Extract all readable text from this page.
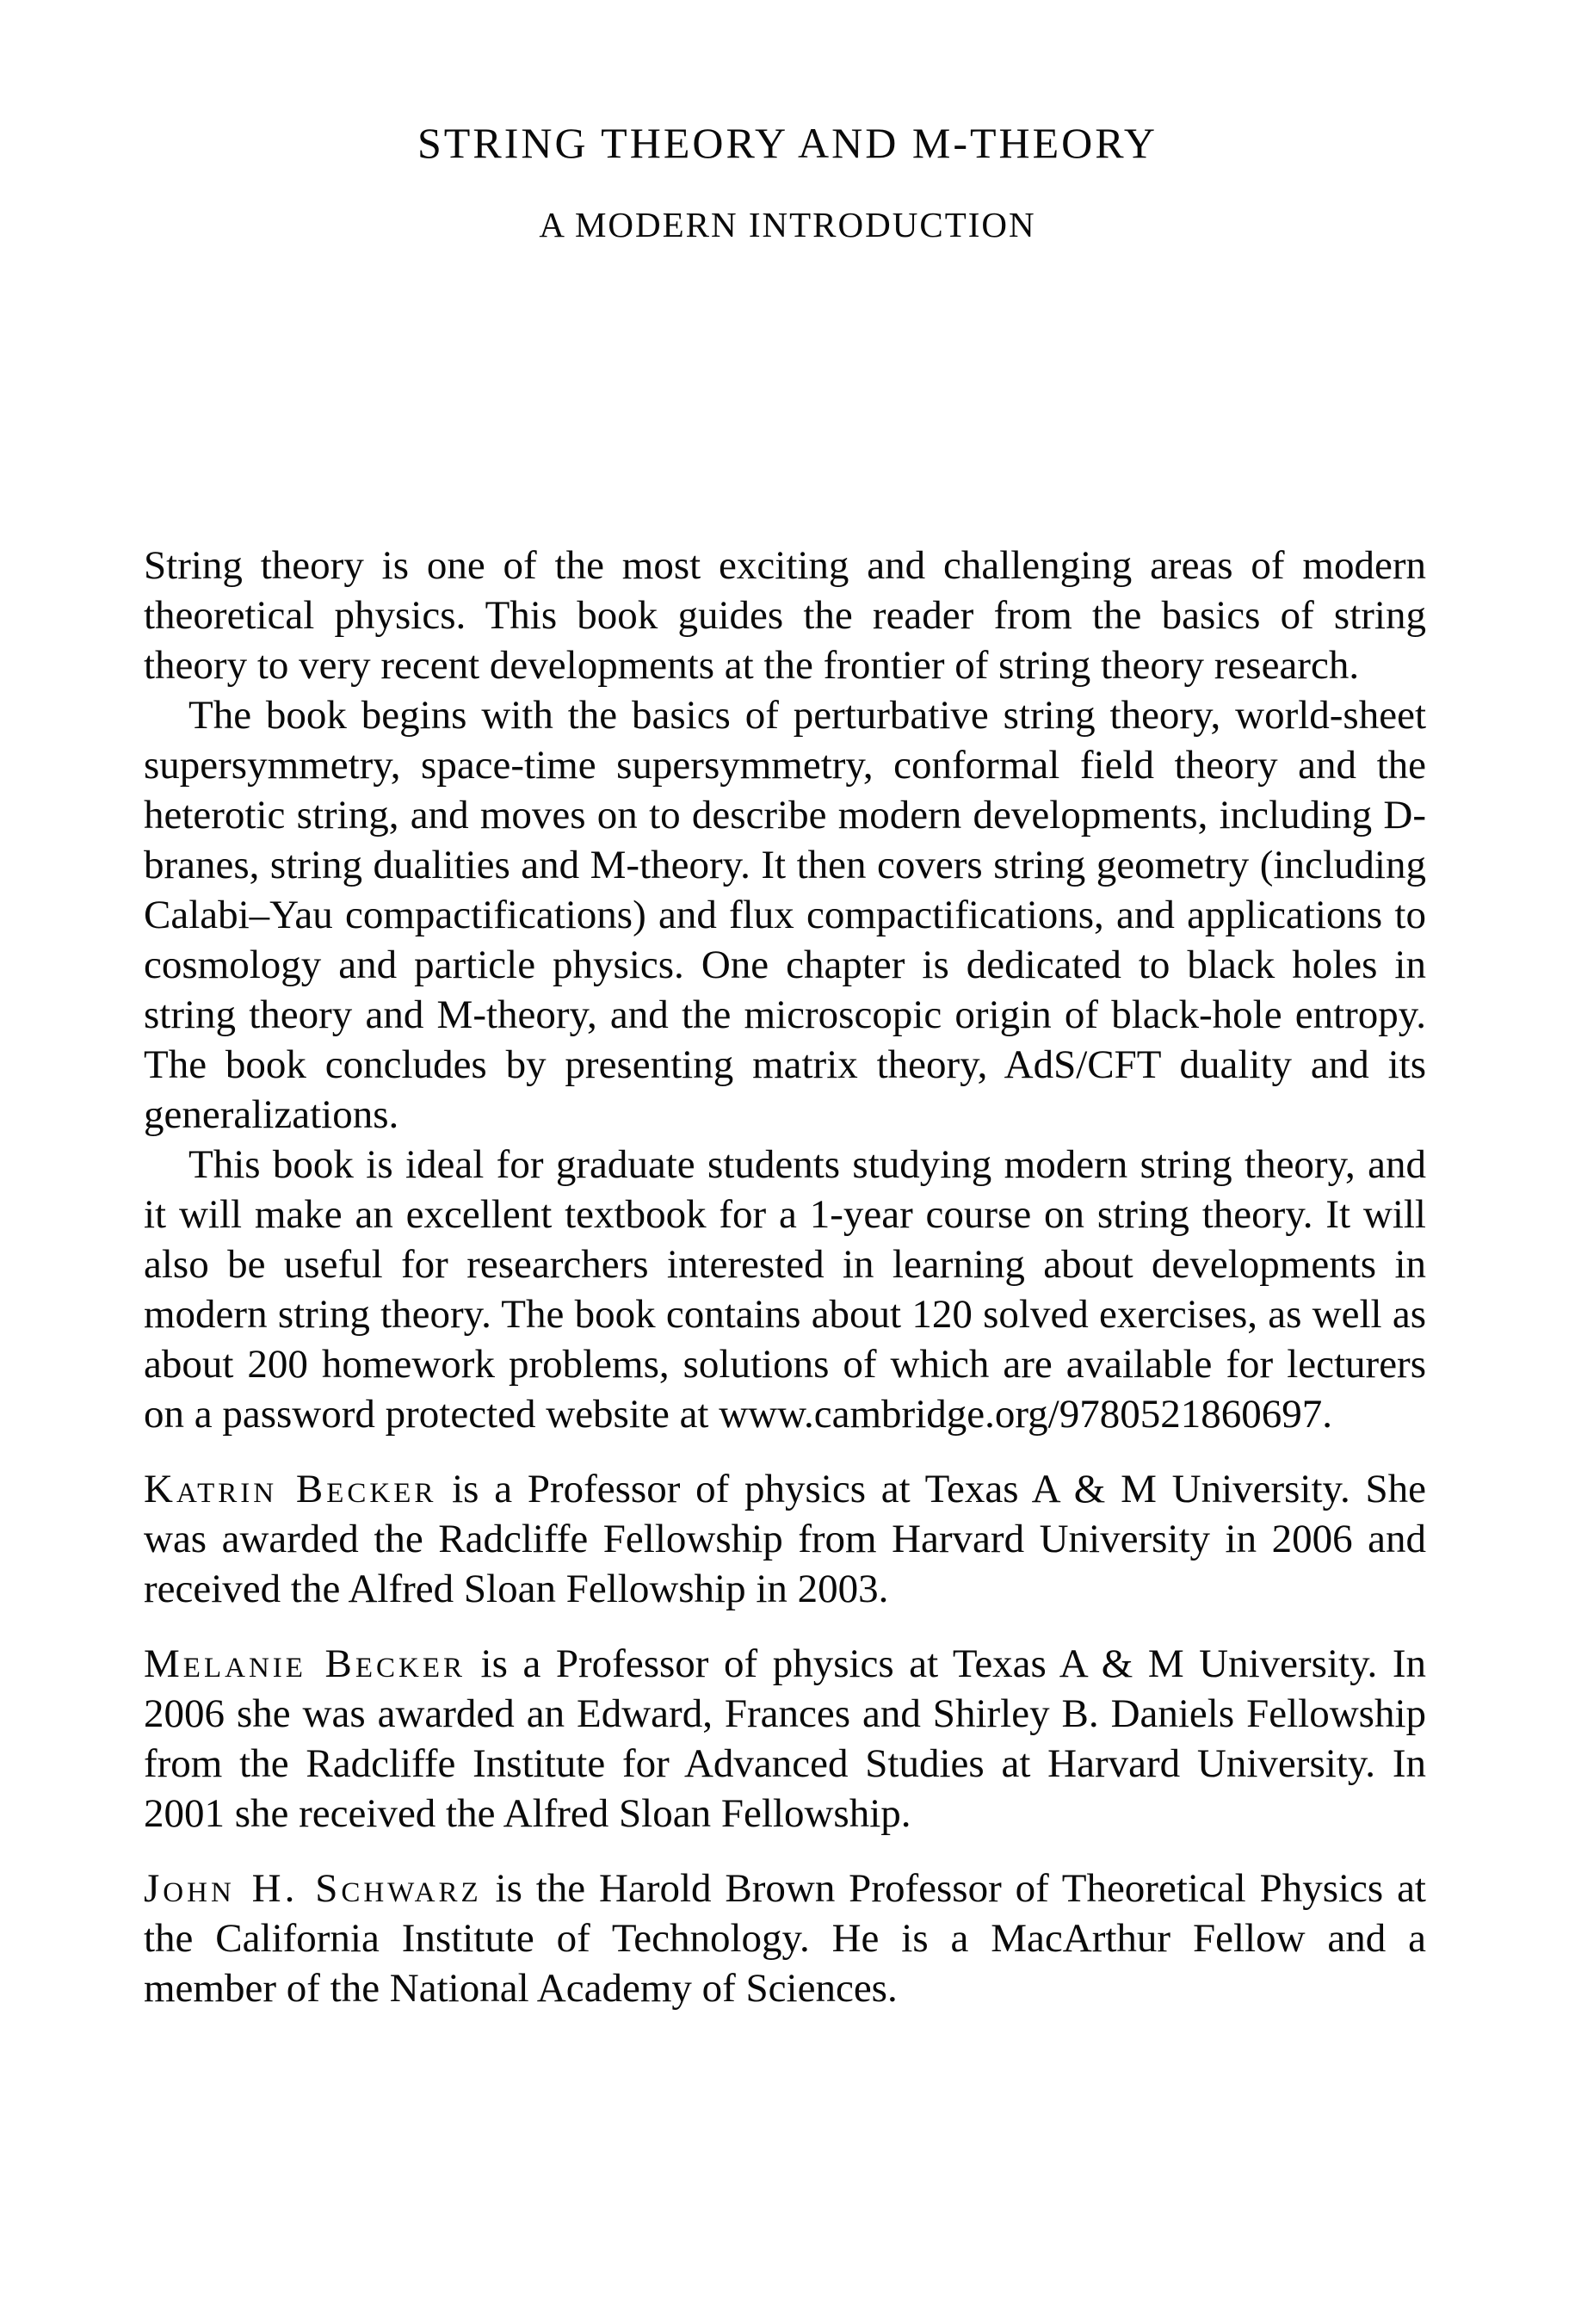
STRING THEORY AND M-THEORY
A MODERN INTRODUCTION

String theory is one of the most exciting and challenging areas of modern theoretical physics. This book guides the reader from the basics of string theory to very recent developments at the frontier of string theory research.

The book begins with the basics of perturbative string theory, world-sheet supersymmetry, space-time supersymmetry, conformal field theory and the heterotic string, and moves on to describe modern developments, including D-branes, string dualities and M-theory. It then covers string geometry (including Calabi–Yau compactifications) and flux compactifications, and applications to cosmology and particle physics. One chapter is dedicated to black holes in string theory and M-theory, and the microscopic origin of black-hole entropy. The book concludes by presenting matrix theory, AdS/CFT duality and its generalizations.

This book is ideal for graduate students studying modern string theory, and it will make an excellent textbook for a 1-year course on string theory. It will also be useful for researchers interested in learning about developments in modern string theory. The book contains about 120 solved exercises, as well as about 200 homework problems, solutions of which are available for lecturers on a password protected website at www.cambridge.org/9780521860697.

Katrin Becker is a Professor of physics at Texas A & M University. She was awarded the Radcliffe Fellowship from Harvard University in 2006 and received the Alfred Sloan Fellowship in 2003.

Melanie Becker is a Professor of physics at Texas A & M University. In 2006 she was awarded an Edward, Frances and Shirley B. Daniels Fellowship from the Radcliffe Institute for Advanced Studies at Harvard University. In 2001 she received the Alfred Sloan Fellowship.

John H. Schwarz is the Harold Brown Professor of Theoretical Physics at the California Institute of Technology. He is a MacArthur Fellow and a member of the National Academy of Sciences.
